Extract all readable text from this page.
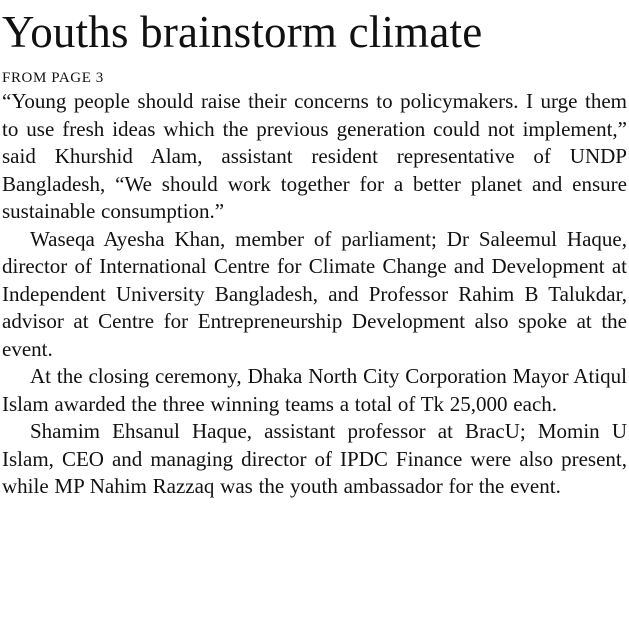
Youths brainstorm climate
FROM PAGE 3

“Young people should raise their concerns to policymakers. I urge them to use fresh ideas which the previous generation could not implement,” said Khurshid Alam, assistant resident representative of UNDP Bangladesh, “We should work together for a better planet and ensure sustainable consumption.”

Waseqa Ayesha Khan, member of parliament; Dr Saleemul Haque, director of International Centre for Climate Change and Development at Independent University Bangladesh, and Professor Rahim B Talukdar, advisor at Centre for Entrepreneurship Development also spoke at the event.

At the closing ceremony, Dhaka North City Corporation Mayor Atiqul Islam awarded the three winning teams a total of Tk 25,000 each.

Shamim Ehsanul Haque, assistant professor at BracU; Momin U Islam, CEO and managing director of IPDC Finance were also present, while MP Nahim Razzaq was the youth ambassador for the event.
